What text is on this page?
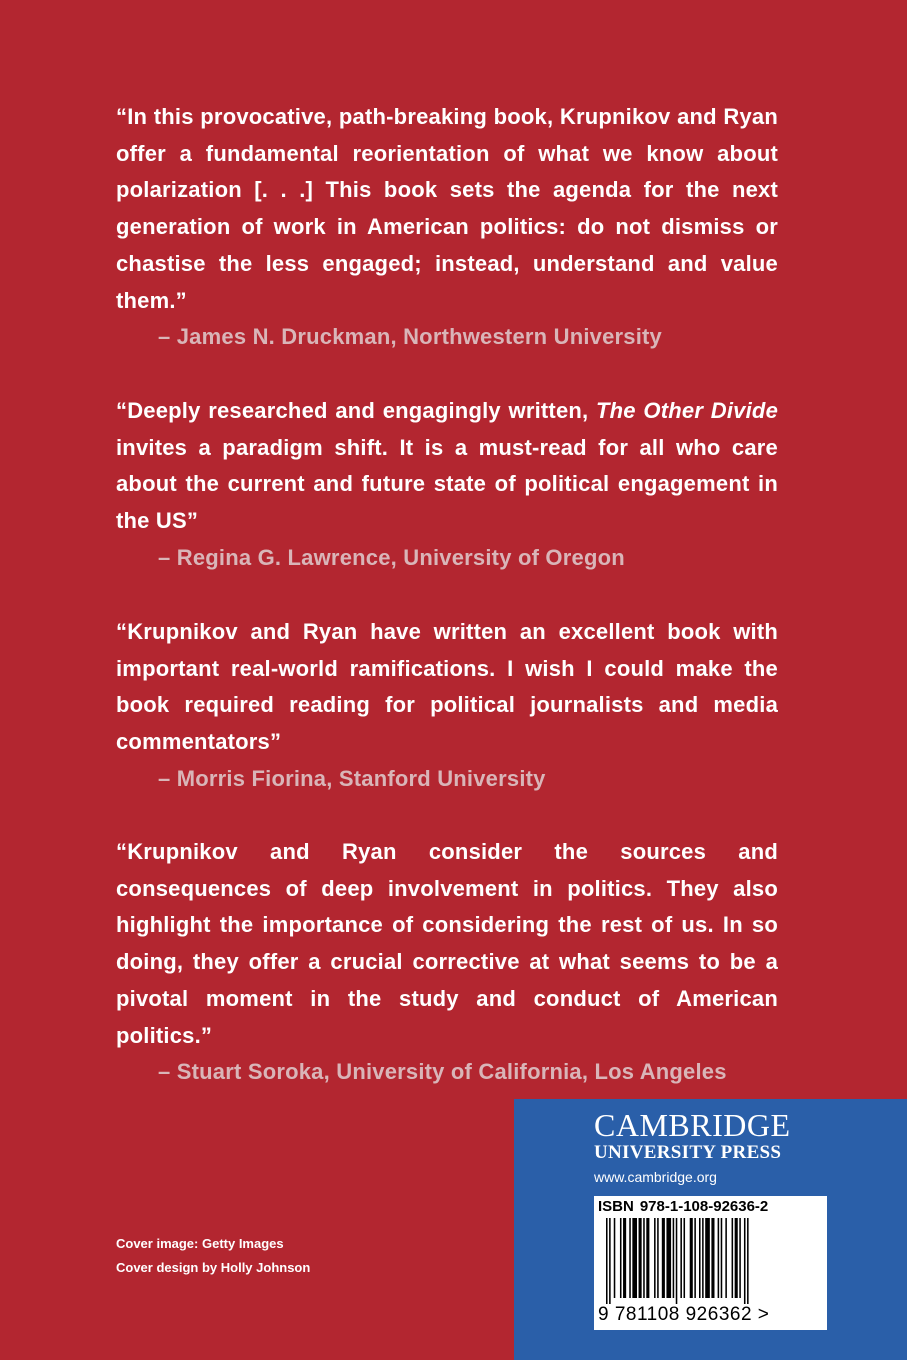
“In this provocative, path-breaking book, Krupnikov and Ryan offer a fundamental reorientation of what we know about polarization [. . .] This book sets the agenda for the next generation of work in American politics: do not dismiss or chastise the less engaged; instead, understand and value them.”
– James N. Druckman, Northwestern University
“Deeply researched and engagingly written, The Other Divide invites a paradigm shift. It is a must-read for all who care about the current and future state of political engagement in the US”
– Regina G. Lawrence, University of Oregon
“Krupnikov and Ryan have written an excellent book with important real-world ramifications. I wish I could make the book required reading for political journalists and media commentators”
– Morris Fiorina, Stanford University
“Krupnikov and Ryan consider the sources and consequences of deep involvement in politics. They also highlight the importance of considering the rest of us. In so doing, they offer a crucial corrective at what seems to be a pivotal moment in the study and conduct of American politics.”
– Stuart Soroka, University of California, Los Angeles
Cover image: Getty Images
Cover design by Holly Johnson
CAMBRIDGE
UNIVERSITY PRESS
www.cambridge.org
ISBN 978-1-108-92636-2
9 781108 926362 >
